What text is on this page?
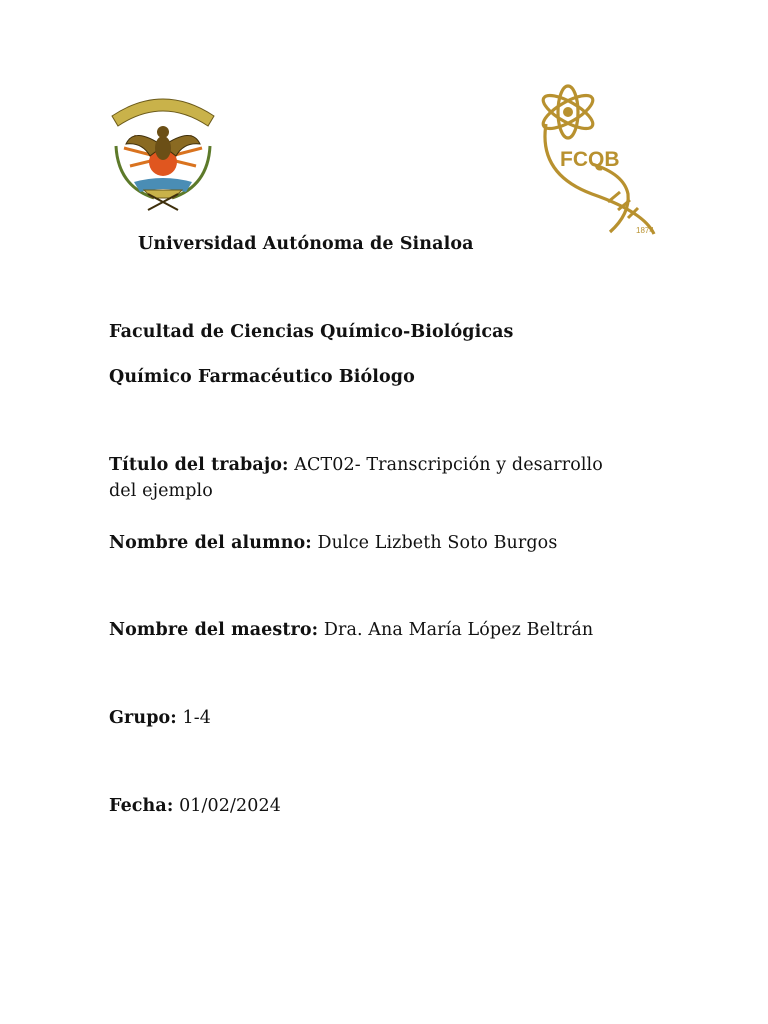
FCQB
1874
Universidad Autónoma de Sinaloa
Facultad de Ciencias Químico-Biológicas
Químico Farmacéutico Biólogo
Título del trabajo: ACT02- Transcripción y desarrollo
del ejemplo
Nombre del alumno: Dulce Lizbeth Soto Burgos
Nombre del maestro: Dra. Ana María López Beltrán
Grupo: 1-4
Fecha: 01/02/2024
